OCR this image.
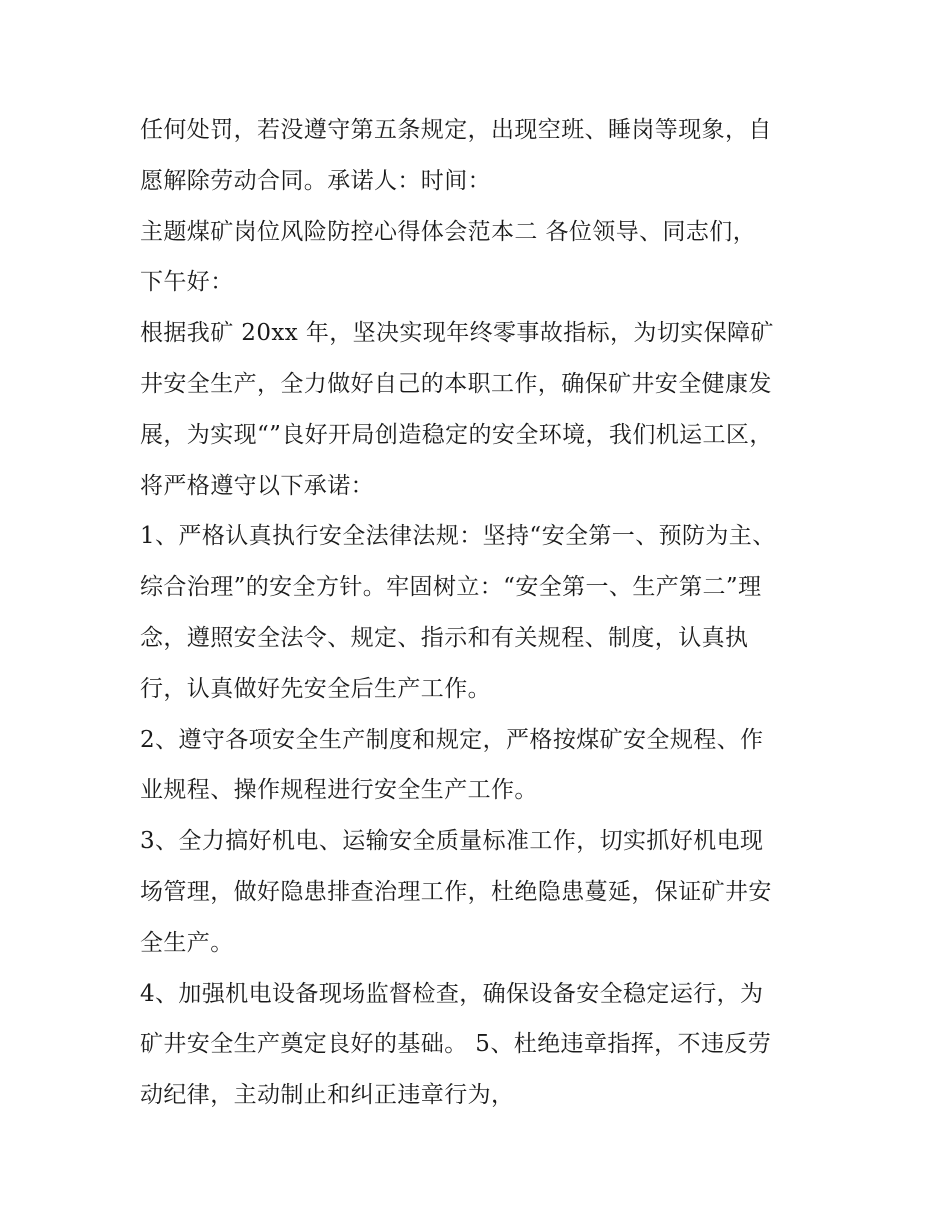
任何处罚，若没遵守第五条规定，出现空班、睡岗等现象，自
愿解除劳动合同。承诺人：时间：
主题煤矿岗位风险防控心得体会范本二 各位领导、同志们，
下午好：
根据我矿 20xx 年，坚决实现年终零事故指标，为切实保障矿
井安全生产，全力做好自己的本职工作，确保矿井安全健康发
展，为实现“”良好开局创造稳定的安全环境，我们机运工区，
将严格遵守以下承诺：
1、严格认真执行安全法律法规：坚持“安全第一、预防为主、
综合治理”的安全方针。牢固树立：“安全第一、生产第二”理
念，遵照安全法令、规定、指示和有关规程、制度，认真执
行，认真做好先安全后生产工作。
2、遵守各项安全生产制度和规定，严格按煤矿安全规程、作
业规程、操作规程进行安全生产工作。
3、全力搞好机电、运输安全质量标准工作，切实抓好机电现
场管理，做好隐患排查治理工作，杜绝隐患蔓延，保证矿井安
全生产。
4、加强机电设备现场监督检查，确保设备安全稳定运行，为
矿井安全生产奠定良好的基础。 5、杜绝违章指挥，不违反劳
动纪律，主动制止和纠正违章行为，
